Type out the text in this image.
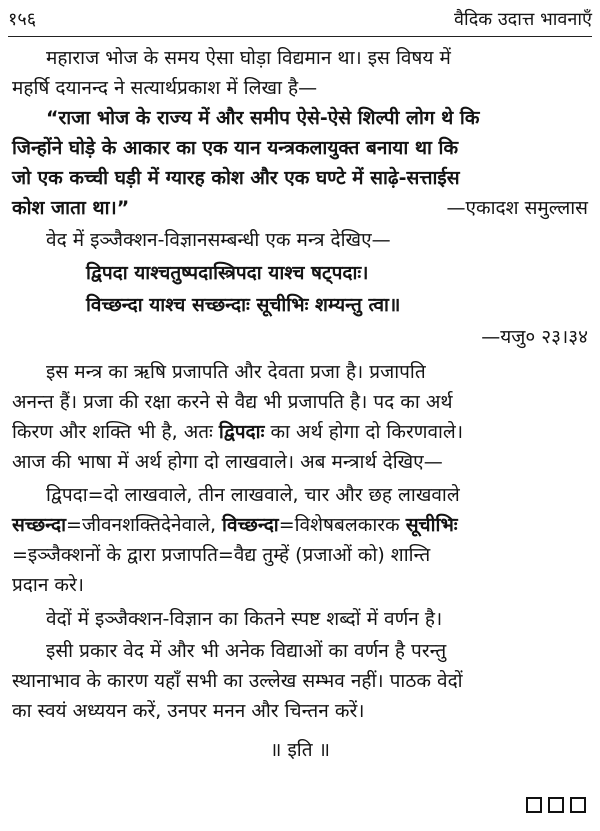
१५६	वैदिक उदात्त भावनाएँ
महाराज भोज के समय ऐसा घोड़ा विद्यमान था। इस विषय में
महर्षि दयानन्द ने सत्यार्थप्रकाश में लिखा है—
“राजा भोज के राज्य में और समीप ऐसे-ऐसे शिल्पी लोग थे कि
जिन्होंने घोड़े के आकार का एक यान यन्त्रकलायुक्त बनाया था कि
जो एक कच्ची घड़ी में ग्यारह कोश और एक घण्टे में साढ़े-सत्ताईस
कोश जाता था।”	—एकादश समुल्लास
वेद में इञ्जैक्शन-विज्ञानसम्बन्धी एक मन्त्र देखिए—
द्विपदा याश्चतुष्पदास्त्रिपदा याश्च षट्पदाः।
विच्छन्दा याश्च सच्छन्दाः सूचीभिः शम्यन्तु त्वा॥
—यजु० २३।३४
इस मन्त्र का ऋषि प्रजापति और देवता प्रजा है। प्रजापति
अनन्त हैं। प्रजा की रक्षा करने से वैद्य भी प्रजापति है। पद का अर्थ
किरण और शक्ति भी है, अतः द्विपदाः का अर्थ होगा दो किरणवाले।
आज की भाषा में अर्थ होगा दो लाखवाले। अब मन्त्रार्थ देखिए—
द्विपदा=दो लाखवाले, तीन लाखवाले, चार और छह लाखवाले
सच्छन्दा=जीवनशक्तिदेनेवाले, विच्छन्दा=विशेषबलकारक सूचीभिः
=इञ्जैक्शनों के द्वारा प्रजापति=वैद्य तुम्हें (प्रजाओं को) शान्ति
प्रदान करे।
वेदों में इञ्जैक्शन-विज्ञान का कितने स्पष्ट शब्दों में वर्णन है।
इसी प्रकार वेद में और भी अनेक विद्याओं का वर्णन है परन्तु
स्थानाभाव के कारण यहाँ सभी का उल्लेख सम्भव नहीं। पाठक वेदों
का स्वयं अध्ययन करें, उनपर मनन और चिन्तन करें।
॥ इति ॥
